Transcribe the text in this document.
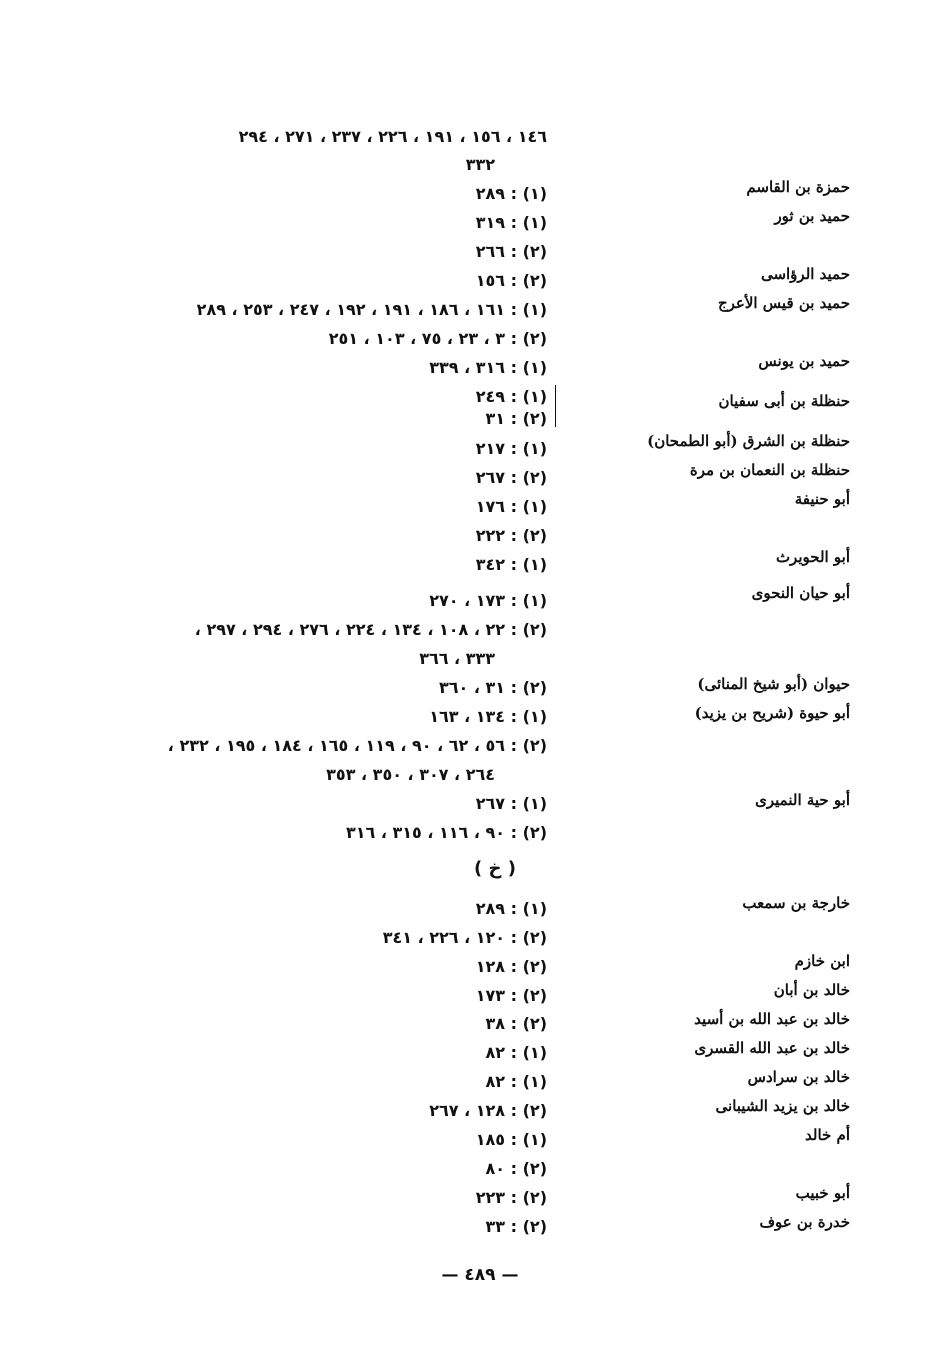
١٤٦ ، ١٥٦ ، ١٩١ ، ٢٢٦ ، ٢٣٧ ، ٢٧١ ، ٢٩٤
٣٣٢
(١) : ٢٨٩
(١) : ٣١٩
(٢) : ٢٦٦
(٢) : ١٥٦
(١) : ١٦١ ، ١٨٦ ، ١٩١ ، ١٩٢ ، ٢٤٧ ، ٢٥٣ ، ٢٨٩
(٢) : ٣ ، ٢٣ ، ٧٥ ، ١٠٣ ، ٢٥١
(١) : ٣١٦ ، ٣٣٩
(١) : ٢٤٩
(٢) : ٣١
(١) : ٢١٧
(٢) : ٢٦٧
(١) : ١٧٦
(٢) : ٢٢٢
(١) : ٣٤٢
(١) : ١٧٣ ، ٢٧٠
(٢) : ٢٢ ، ١٠٨ ، ١٣٤ ، ٢٢٤ ، ٢٧٦ ، ٢٩٤ ، ٢٩٧ ،
٣٣٣ ، ٣٦٦
(٢) : ٣١ ، ٣٦٠
(١) : ١٣٤ ، ١٦٣
(٢) : ٥٦ ، ٦٢ ، ٩٠ ، ١١٩ ، ١٦٥ ، ١٨٤ ، ١٩٥ ، ٢٣٢ ،
٢٦٤ ، ٣٠٧ ، ٣٥٠ ، ٣٥٣
(١) : ٢٦٧
(٢) : ٩٠ ، ١١٦ ، ٣١٥ ، ٣١٦
( خ )
(١) : ٢٨٩
(٢) : ١٢٠ ، ٢٢٦ ، ٣٤١
(٢) : ١٢٨
(٢) : ١٧٣
(٢) : ٣٨
(١) : ٨٢
(١) : ٨٢
(٢) : ١٢٨ ، ٢٦٧
(١) : ١٨٥
(٢) : ٨٠
(٢) : ٢٢٣
(٢) : ٣٣
حمزة بن القاسم
حميد بن ثور
حميد الرؤاسى
حميد بن قيس الأعرج
حميد بن يونس
حنظلة بن أبى سفيان
حنظلة بن الشرق (أبو الطمحان)
حنظلة بن النعمان بن مرة
أبو حنيفة
أبو الحويرث
أبو حيان النحوى
حيوان (أبو شيخ المنائى)
أبو حيوة (شريح بن يزيد)
أبو حية النميرى
خارجة بن سمعب
ابن خازم
خالد بن أبان
خالد بن عبد الله بن أسيد
خالد بن عبد الله القسرى
خالد بن سرادس
خالد بن يزيد الشيبانى
أم خالد
أبو خبيب
خدرة بن عوف
— ٤٨٩ —
